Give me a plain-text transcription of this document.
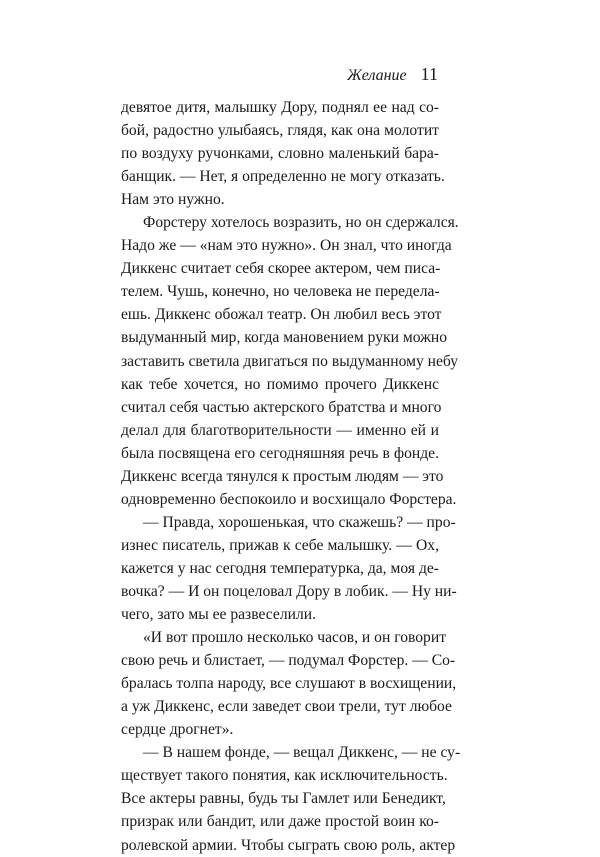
Желание 11
девятое дитя, малышку Дору, поднял ее над со-
бой, радостно улыбаясь, глядя, как она молотит
по воздуху ручонками, словно маленький бара-
банщик. — Нет, я определенно не могу отказать.
Нам это нужно.
Форстеру хотелось возразить, но он сдержался.
Надо же — «нам это нужно». Он знал, что иногда
Диккенс считает себя скорее актером, чем писа-
телем. Чушь, конечно, но человека не переделa-
ешь. Диккенс обожал театр. Он любил весь этот
выдуманный мир, когда мановением руки можно
заставить светила двигаться по выдуманному небу
как тебе хочется, но помимо прочего Диккенс
считал себя частью актерского братства и много
делал для благотворительности — именно ей и
была посвящена его сегодняшняя речь в фонде.
Диккенс всегда тянулся к простым людям — это
одновременно беспокоило и восхищало Форстера.
— Правда, хорошенькая, что скажешь? — про-
изнес писатель, прижав к себе малышку. — Ох,
кажется у нас сегодня температурка, да, моя де-
вочка? — И он поцеловал Дору в лобик. — Ну ни-
чего, зато мы ее развеселили.
«И вот прошло несколько часов, и он говорит
свою речь и блистает, — подумал Форстер. — Со-
бралась толпа народу, все слушают в восхищении,
а уж Диккенс, если заведет свои трели, тут любое
сердце дрогнет».
— В нашем фонде, — вещал Диккенс, — не су-
ществует такого понятия, как исключительность.
Все актеры равны, будь ты Гамлет или Бенедикт,
призрак или бандит, или даже простой воин ко-
ролевской армии. Чтобы сыграть свою роль, актер
